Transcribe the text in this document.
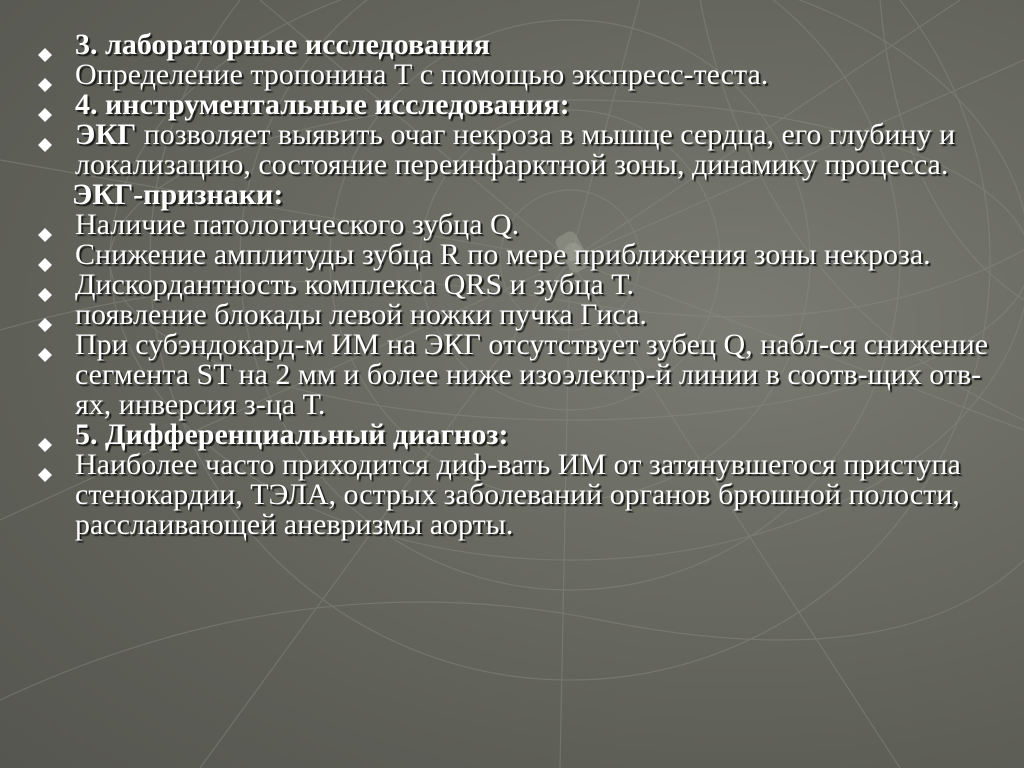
3. лабораторные исследования
Определение тропонина Т с помощью экспресс-теста.
4. инструментальные исследования:
ЭКГ позволяет выявить очаг некроза в мышце сердца, его глубину и локализацию, состояние переинфарктной зоны, динамику процесса.
ЭКГ-признаки:
Наличие патологического зубца Q.
Снижение амплитуды зубца R по мере приближения зоны некроза.
Дискордантность комплекса QRS и зубца Т.
появление блокады левой ножки пучка Гиса.
При субэндокард-м ИМ на ЭКГ отсутствует зубец Q, набл-ся снижение сегмента ST на 2 мм и более ниже изоэлектр-й линии в соотв-щих отв-ях, инверсия з-ца Т.
5. Дифференциальный диагноз:
Наиболее часто приходится диф-вать ИМ от затянувшегося приступа стенокардии, ТЭЛА, острых заболеваний органов брюшной полости, расслаивающей аневризмы аорты.
